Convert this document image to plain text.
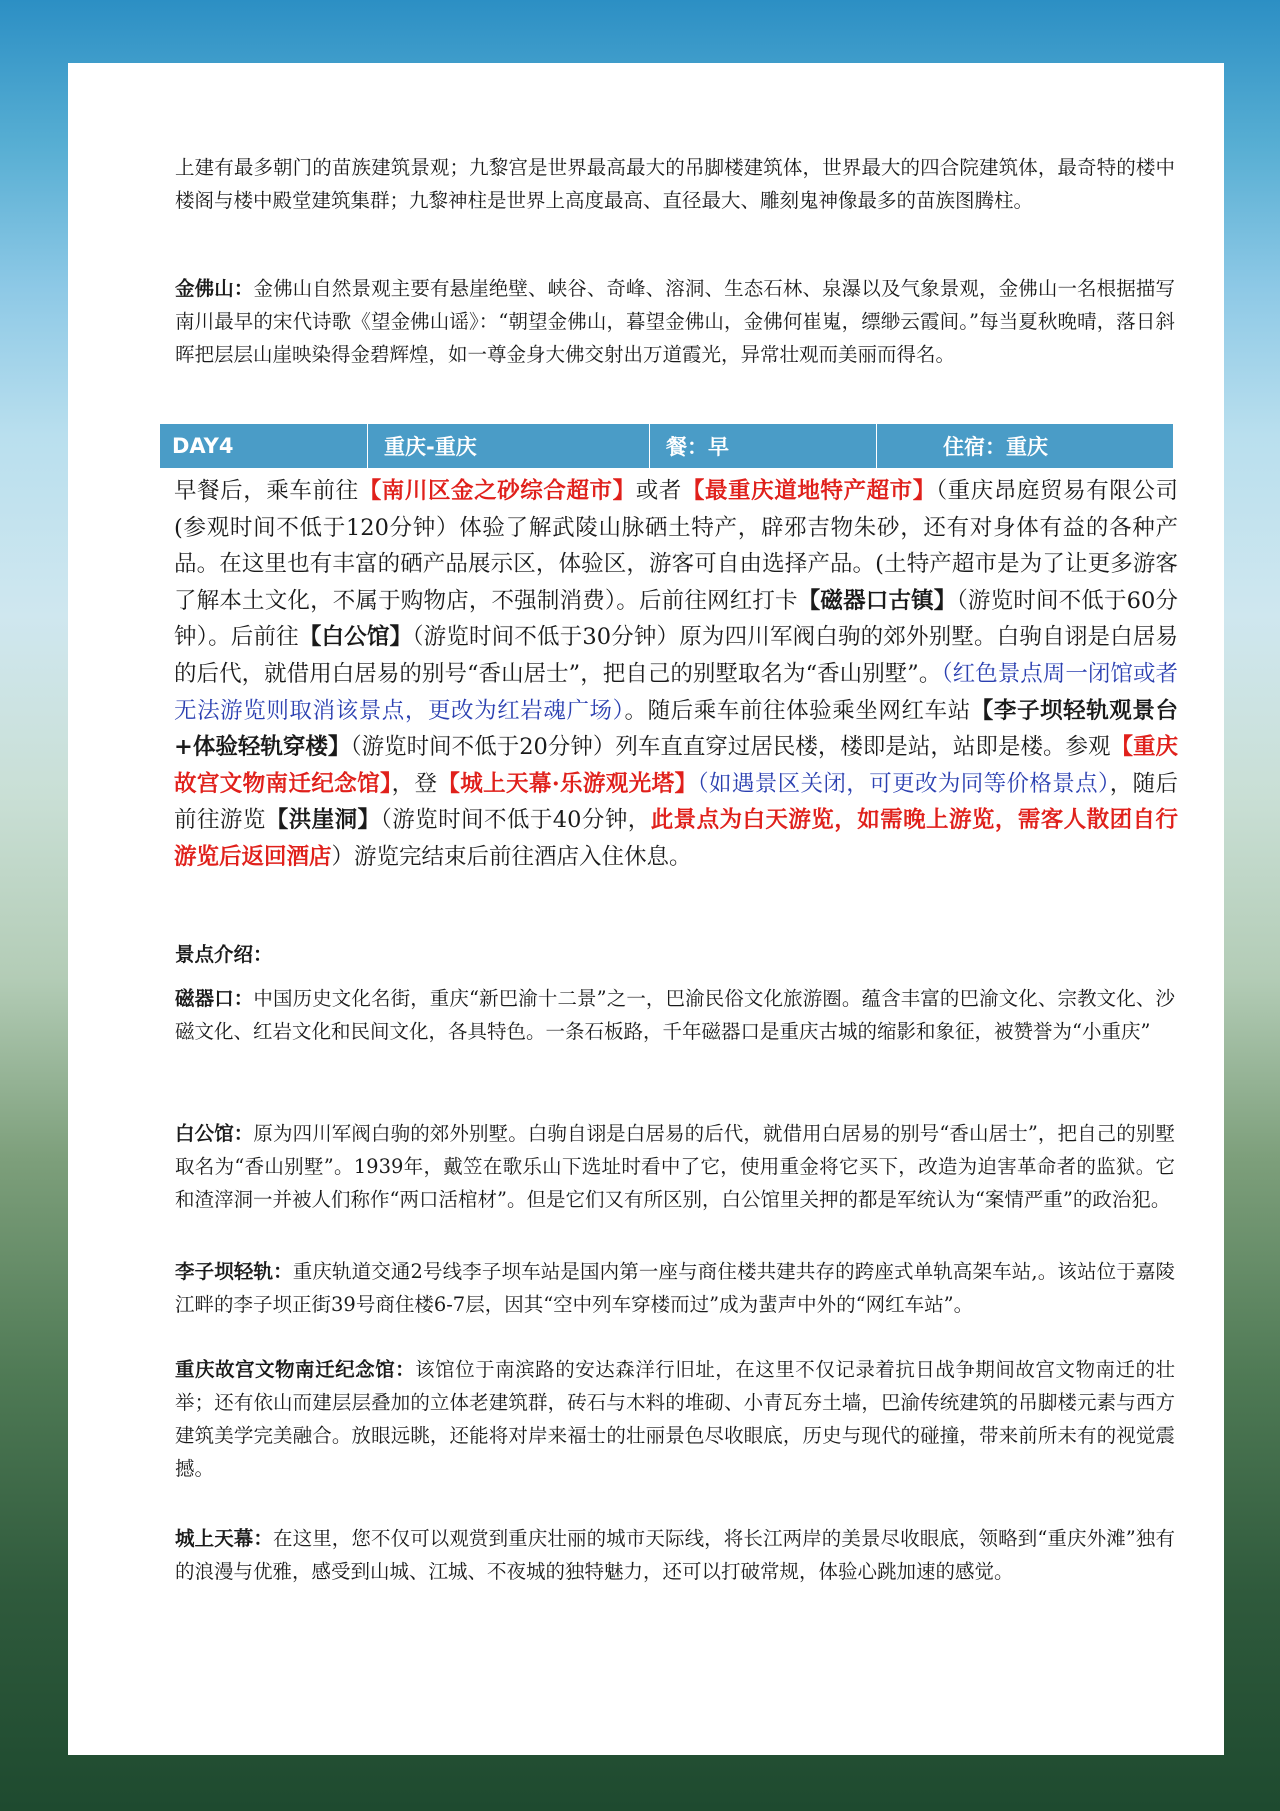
上建有最多朝门的苗族建筑景观；九黎宫是世界最高最大的吊脚楼建筑体，世界最大的四合院建筑体，最奇特的楼中楼阁与楼中殿堂建筑集群；九黎神柱是世界上高度最高、直径最大、雕刻鬼神像最多的苗族图腾柱。

金佛山：金佛山自然景观主要有悬崖绝壁、峡谷、奇峰、溶洞、生态石林、泉瀑以及气象景观，金佛山一名根据描写南川最早的宋代诗歌《望金佛山谣》：“朝望金佛山，暮望金佛山，金佛何崔嵬，缥缈云霞间。”每当夏秋晚晴，落日斜晖把层层山崖映染得金碧辉煌，如一尊金身大佛交射出万道霞光，异常壮观而美丽而得名。

DAY4	重庆-重庆	餐：早	住宿：重庆

早餐后，乘车前往【南川区金之砂综合超市】或者【最重庆道地特产超市】（重庆昂庭贸易有限公司(参观时间不低于120分钟）体验了解武陵山脉硒土特产，辟邪吉物朱砂，还有对身体有益的各种产品。在这里也有丰富的硒产品展示区，体验区，游客可自由选择产品。(土特产超市是为了让更多游客了解本土文化，不属于购物店，不强制消费）。后前往网红打卡【磁器口古镇】（游览时间不低于60分钟）。后前往【白公馆】（游览时间不低于30分钟）原为四川军阀白驹的郊外别墅。白驹自诩是白居易的后代，就借用白居易的别号“香山居士”，把自己的别墅取名为“香山别墅”。（红色景点周一闭馆或者无法游览则取消该景点，更改为红岩魂广场）。随后乘车前往体验乘坐网红车站【李子坝轻轨观景台+体验轻轨穿楼】（游览时间不低于20分钟）列车直直穿过居民楼，楼即是站，站即是楼。参观【重庆故宫文物南迁纪念馆】，登【城上天幕·乐游观光塔】（如遇景区关闭，可更改为同等价格景点），随后前往游览【洪崖洞】（游览时间不低于40分钟，此景点为白天游览，如需晚上游览，需客人散团自行游览后返回酒店）游览完结束后前往酒店入住休息。

景点介绍：

磁器口：中国历史文化名街，重庆“新巴渝十二景”之一，巴渝民俗文化旅游圈。蕴含丰富的巴渝文化、宗教文化、沙磁文化、红岩文化和民间文化，各具特色。一条石板路，千年磁器口是重庆古城的缩影和象征，被赞誉为“小重庆”

白公馆：原为四川军阀白驹的郊外别墅。白驹自诩是白居易的后代，就借用白居易的别号“香山居士”，把自己的别墅取名为“香山别墅”。1939年，戴笠在歌乐山下选址时看中了它，使用重金将它买下，改造为迫害革命者的监狱。它和渣滓洞一并被人们称作“两口活棺材”。但是它们又有所区别，白公馆里关押的都是军统认为“案情严重”的政治犯。

李子坝轻轨：重庆轨道交通2号线李子坝车站是国内第一座与商住楼共建共存的跨座式单轨高架车站,。该站位于嘉陵江畔的李子坝正街39号商住楼6-7层，因其“空中列车穿楼而过”成为蜚声中外的“网红车站”。

重庆故宫文物南迁纪念馆：该馆位于南滨路的安达森洋行旧址，在这里不仅记录着抗日战争期间故宫文物南迁的壮举；还有依山而建层层叠加的立体老建筑群，砖石与木料的堆砌、小青瓦夯土墙，巴渝传统建筑的吊脚楼元素与西方建筑美学完美融合。放眼远眺，还能将对岸来福士的壮丽景色尽收眼底，历史与现代的碰撞，带来前所未有的视觉震撼。

城上天幕：在这里，您不仅可以观赏到重庆壮丽的城市天际线，将长江两岸的美景尽收眼底，领略到“重庆外滩”独有的浪漫与优雅，感受到山城、江城、不夜城的独特魅力，还可以打破常规，体验心跳加速的感觉。
